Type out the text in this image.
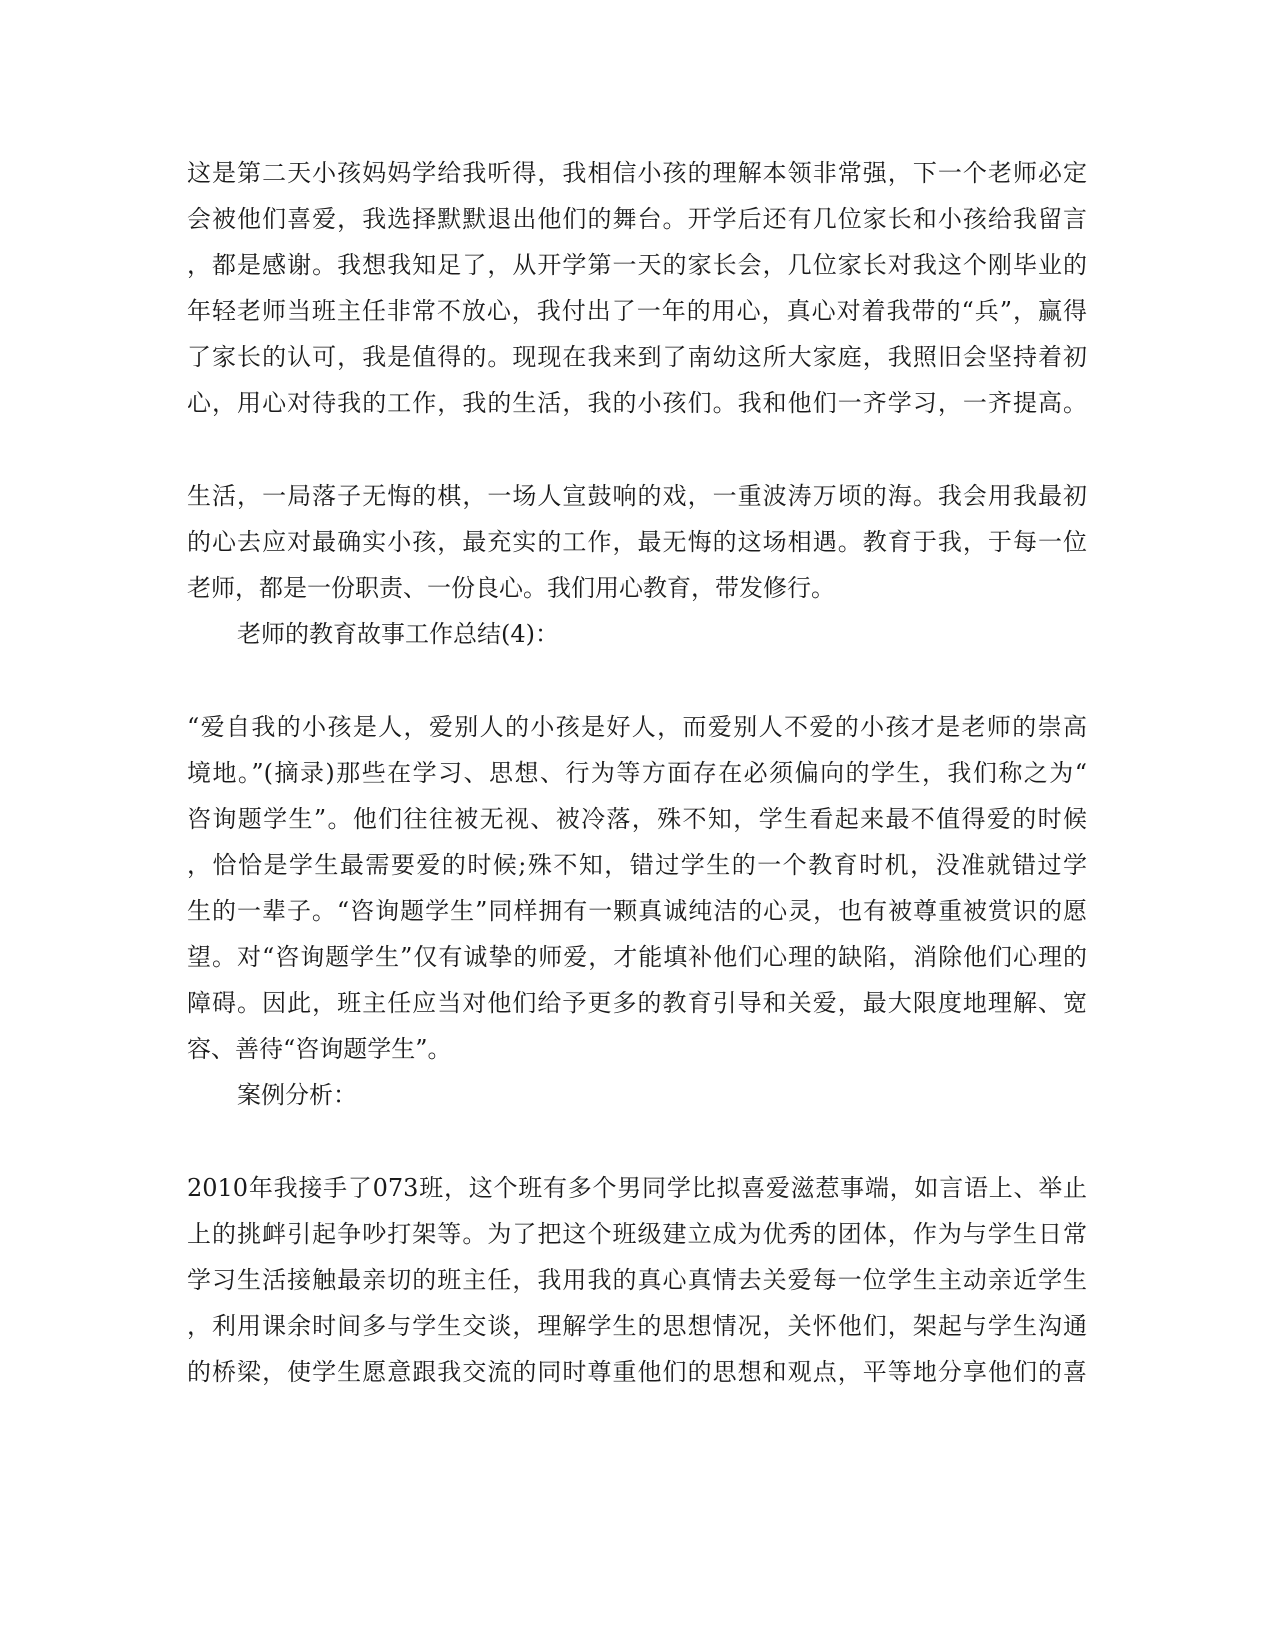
这是第二天小孩妈妈学给我听得，我相信小孩的理解本领非常强，下一个老师必定
会被他们喜爱，我选择默默退出他们的舞台。开学后还有几位家长和小孩给我留言
，都是感谢。我想我知足了，从开学第一天的家长会，几位家长对我这个刚毕业的
年轻老师当班主任非常不放心，我付出了一年的用心，真心对着我带的“兵”，赢得
了家长的认可，我是值得的。现现在我来到了南幼这所大家庭，我照旧会坚持着初
心，用心对待我的工作，我的生活，我的小孩们。我和他们一齐学习，一齐提高。
生活，一局落子无悔的棋，一场人宣鼓响的戏，一重波涛万顷的海。我会用我最初
的心去应对最确实小孩，最充实的工作，最无悔的这场相遇。教育于我，于每一位
老师，都是一份职责、一份良心。我们用心教育，带发修行。
老师的教育故事工作总结(4)：
“爱自我的小孩是人，爱别人的小孩是好人，而爱别人不爱的小孩才是老师的崇高
境地。”(摘录)那些在学习、思想、行为等方面存在必须偏向的学生，我们称之为“
咨询题学生”。他们往往被无视、被冷落，殊不知，学生看起来最不值得爱的时候
，恰恰是学生最需要爱的时候;殊不知，错过学生的一个教育时机，没准就错过学
生的一辈子。“咨询题学生”同样拥有一颗真诚纯洁的心灵，也有被尊重被赏识的愿
望。对“咨询题学生”仅有诚挚的师爱，才能填补他们心理的缺陷，消除他们心理的
障碍。因此，班主任应当对他们给予更多的教育引导和关爱，最大限度地理解、宽
容、善待“咨询题学生”。
案例分析：
2010年我接手了073班，这个班有多个男同学比拟喜爱滋惹事端，如言语上、举止
上的挑衅引起争吵打架等。为了把这个班级建立成为优秀的团体，作为与学生日常
学习生活接触最亲切的班主任，我用我的真心真情去关爱每一位学生主动亲近学生
，利用课余时间多与学生交谈，理解学生的思想情况，关怀他们，架起与学生沟通
的桥梁，使学生愿意跟我交流的同时尊重他们的思想和观点，平等地分享他们的喜
